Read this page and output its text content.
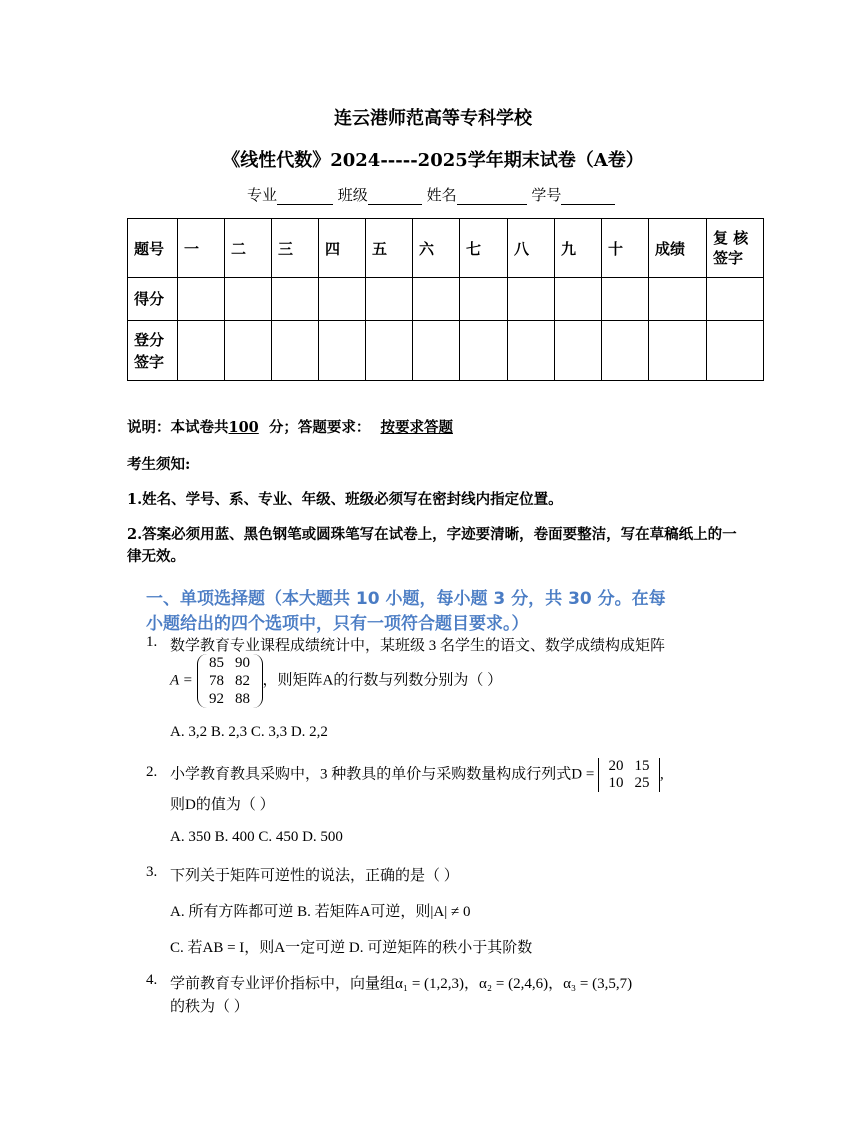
连云港师范高等专科学校
《线性代数》2024-----2025学年期末试卷（A卷）
专业	班级	姓名	学号
题号	一	二	三	四	五	六	七	八	九	十	成绩	复 核 签字
得分												
登分 签字												
说明：本试卷共100 分；答题要求： 按要求答题
考生须知:
1.姓名、学号、系、专业、年级、班级必须写在密封线内指定位置。
2.答案必须用蓝、黑色钢笔或圆珠笔写在试卷上，字迹要清晰，卷面要整洁，写在草稿纸上的一律无效。
一、单项选择题（本大题共 10 小题，每小题 3 分，共 30 分。在每
小题给出的四个选项中，只有一项符合题目要求。）
1. 数学教育专业课程成绩统计中，某班级 3 名学生的语文、数学成绩构成矩阵
A =
85 90
78 82
92 88
，则矩阵A的行数与列数分别为（ ）
A. 3,2 B. 2,3 C. 3,3 D. 2,2
2. 小学教育教具采购中，3 种教具的单价与采购数量构成行列式D =
20 15
10 25
,
则D的值为（ ）
A. 350 B. 400 C. 450 D. 500
3. 下列关于矩阵可逆性的说法，正确的是（ ）
A. 所有方阵都可逆 B. 若矩阵A可逆，则|A| ≠ 0
C. 若AB = I，则A一定可逆 D. 可逆矩阵的秩小于其阶数
4. 学前教育专业评价指标中，向量组α₁ = (1,2,3)，α₂ = (2,4,6)，α₃ = (3,5,7)
的秩为（ ）
